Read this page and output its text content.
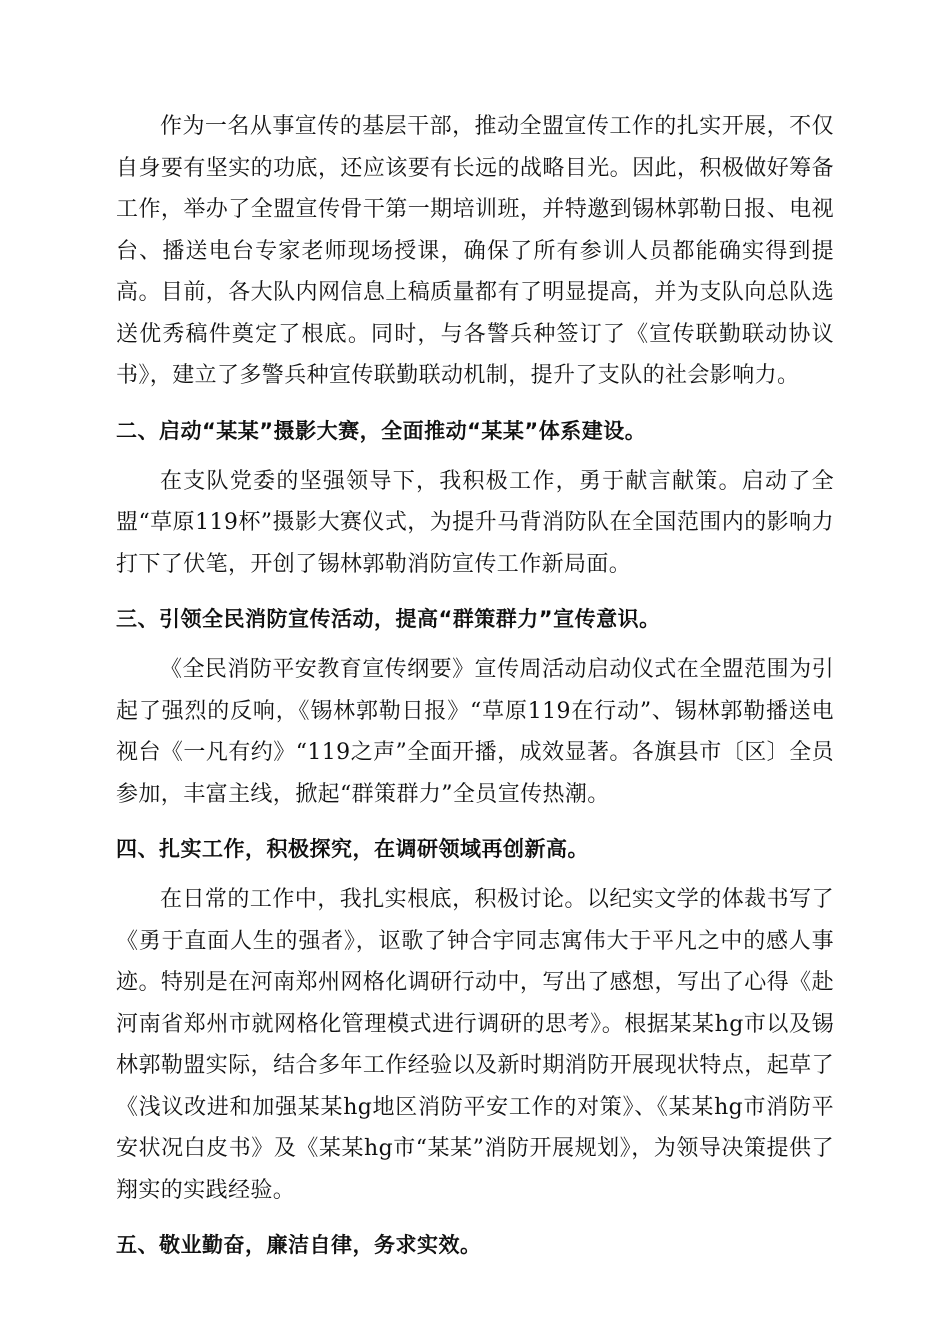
作为一名从事宣传的基层干部，推动全盟宣传工作的扎实开展，不仅自身要有坚实的功底，还应该要有长远的战略目光。因此，积极做好筹备工作，举办了全盟宣传骨干第一期培训班，并特邀到锡林郭勒日报、电视台、播送电台专家老师现场授课，确保了所有参训人员都能确实得到提高。目前，各大队内网信息上稿质量都有了明显提高，并为支队向总队选送优秀稿件奠定了根底。同时，与各警兵种签订了《宣传联勤联动协议书》，建立了多警兵种宣传联勤联动机制，提升了支队的社会影响力。

二、启动“某某”摄影大赛，全面推动“某某”体系建设。

在支队党委的坚强领导下，我积极工作，勇于献言献策。启动了全盟“草原119杯”摄影大赛仪式，为提升马背消防队在全国范围内的影响力打下了伏笔，开创了锡林郭勒消防宣传工作新局面。

三、引领全民消防宣传活动，提高“群策群力”宣传意识。

《全民消防平安教育宣传纲要》宣传周活动启动仪式在全盟范围为引起了强烈的反响，《锡林郭勒日报》“草原119在行动”、锡林郭勒播送电视台《一凡有约》“119之声”全面开播，成效显著。各旗县市〔区〕全员参加，丰富主线，掀起“群策群力”全员宣传热潮。

四、扎实工作，积极探究，在调研领域再创新高。

在日常的工作中，我扎实根底，积极讨论。以纪实文学的体裁书写了《勇于直面人生的强者》，讴歌了钟合宇同志寓伟大于平凡之中的感人事迹。特别是在河南郑州网格化调研行动中，写出了感想，写出了心得《赴河南省郑州市就网格化管理模式进行调研的思考》。根据某某hg市以及锡林郭勒盟实际，结合多年工作经验以及新时期消防开展现状特点，起草了《浅议改进和加强某某hg地区消防平安工作的对策》、《某某hg市消防平安状况白皮书》及《某某hg市“某某”消防开展规划》，为领导决策提供了翔实的实践经验。

五、敬业勤奋，廉洁自律，务求实效。
